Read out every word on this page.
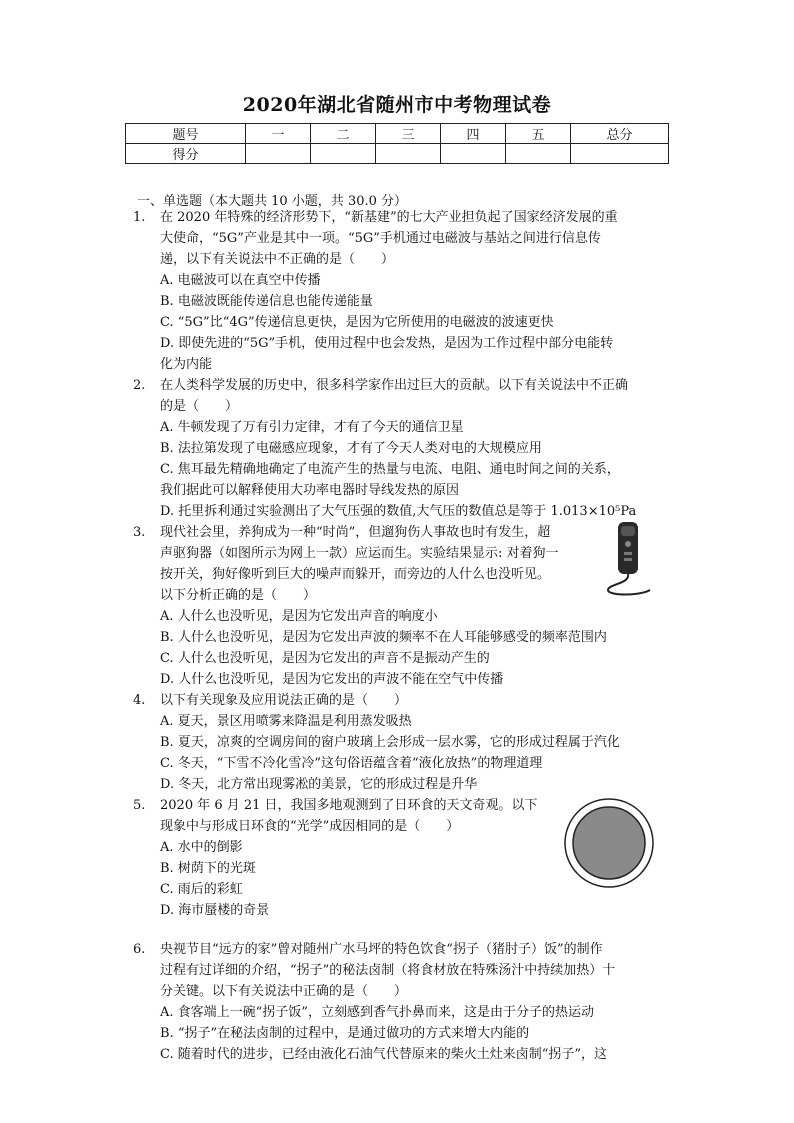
2020年湖北省随州市中考物理试卷
题号	一	二	三	四	五	总分
得分						
一、单选题（本大题共 10 小题，共 30.0 分）
1. 在 2020 年特殊的经济形势下，“新基建”的七大产业担负起了国家经济发展的重
大使命，“5G”产业是其中一项。“5G”手机通过电磁波与基站之间进行信息传
递，以下有关说法中不正确的是（　　）
A. 电磁波可以在真空中传播
B. 电磁波既能传递信息也能传递能量
C. “5G”比“4G”传递信息更快，是因为它所使用的电磁波的波速更快
D. 即使先进的“5G”手机，使用过程中也会发热，是因为工作过程中部分电能转
化为内能
2. 在人类科学发展的历史中，很多科学家作出过巨大的贡献。以下有关说法中不正确
的是（　　）
A. 牛顿发现了万有引力定律，才有了今天的通信卫星
B. 法拉第发现了电磁感应现象，才有了今天人类对电的大规模应用
C. 焦耳最先精确地确定了电流产生的热量与电流、电阻、通电时间之间的关系，
我们据此可以解释使用大功率电器时导线发热的原因
D. 托里拆利通过实验测出了大气压强的数值,大气压的数值总是等于 1.013×10⁵Pa
3. 现代社会里，养狗成为一种“时尚”，但遛狗伤人事故也时有发生，超
声驱狗器（如图所示为网上一款）应运而生。实验结果显示: 对着狗一
按开关，狗好像听到巨大的噪声而躲开，而旁边的人什么也没听见。
以下分析正确的是（　　）
A. 人什么也没听见，是因为它发出声音的响度小
B. 人什么也没听见，是因为它发出声波的频率不在人耳能够感受的频率范围内
C. 人什么也没听见，是因为它发出的声音不是振动产生的
D. 人什么也没听见，是因为它发出的声波不能在空气中传播
4. 以下有关现象及应用说法正确的是（　　）
A. 夏天，景区用喷雾来降温是利用蒸发吸热
B. 夏天，凉爽的空调房间的窗户玻璃上会形成一层水雾，它的形成过程属于汽化
C. 冬天，“下雪不冷化雪冷”这句俗语蕴含着“液化放热”的物理道理
D. 冬天，北方常出现雾凇的美景，它的形成过程是升华
5. 2020 年 6 月 21 日，我国多地观测到了日环食的天文奇观。以下
现象中与形成日环食的“光学”成因相同的是（　　）
A. 水中的倒影
B. 树荫下的光斑
C. 雨后的彩虹
D. 海市蜃楼的奇景
6. 央视节目“远方的家”曾对随州广水马坪的特色饮食“拐子（猪肘子）饭”的制作
过程有过详细的介绍，“拐子”的秘法卤制（将食材放在特殊汤汁中持续加热）十
分关键。以下有关说法中正确的是（　　）
A. 食客端上一碗“拐子饭”，立刻感到香气扑鼻而来，这是由于分子的热运动
B. “拐子”在秘法卤制的过程中，是通过做功的方式来增大内能的
C. 随着时代的进步，已经由液化石油气代替原来的柴火土灶来卤制“拐子”，这
